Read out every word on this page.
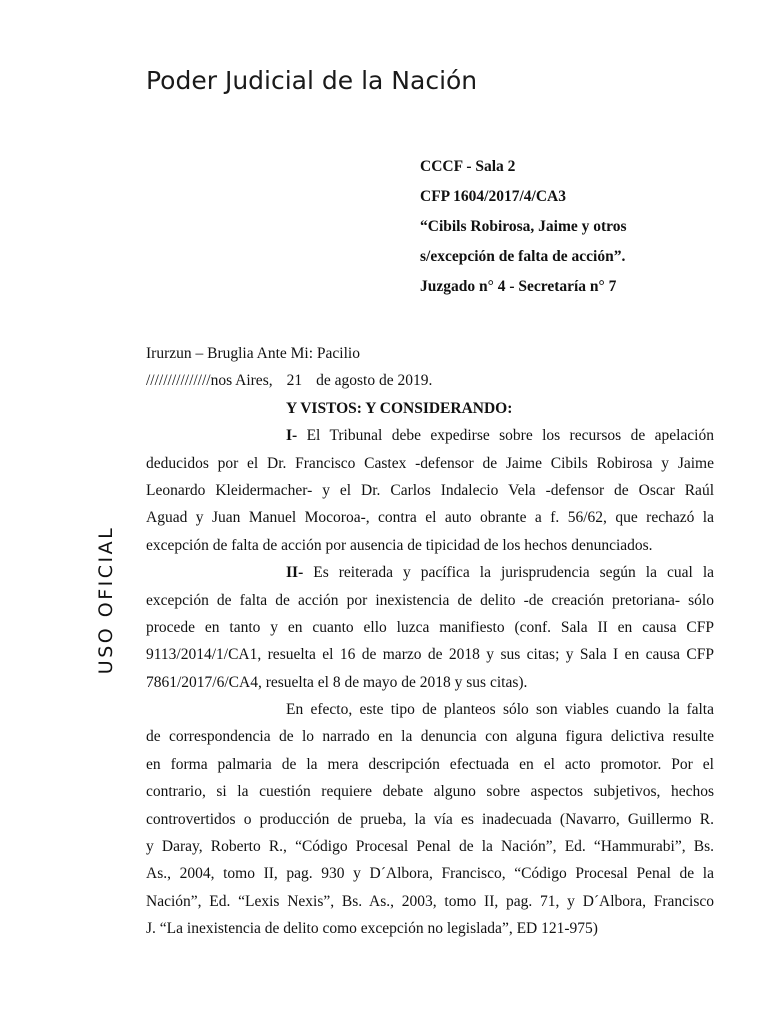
Poder Judicial de la Nación
CCCF - Sala 2
CFP 1604/2017/4/CA3
“Cibils Robirosa, Jaime y otros
s/excepción de falta de acción”.
Juzgado n° 4 - Secretaría n° 7
USO OFICIAL
Irurzun – Bruglia Ante Mi: Pacilio
///////////////nos Aires, 21 de agosto de 2019.
Y VISTOS: Y CONSIDERANDO:
I- El Tribunal debe expedirse sobre los recursos de apelación
deducidos por el Dr. Francisco Castex -defensor de Jaime Cibils Robirosa y Jaime
Leonardo Kleidermacher- y el Dr. Carlos Indalecio Vela -defensor de Oscar Raúl
Aguad y Juan Manuel Mocoroa-, contra el auto obrante a f. 56/62, que rechazó la
excepción de falta de acción por ausencia de tipicidad de los hechos denunciados.
II- Es reiterada y pacífica la jurisprudencia según la cual la
excepción de falta de acción por inexistencia de delito -de creación pretoriana- sólo
procede en tanto y en cuanto ello luzca manifiesto (conf. Sala II en causa CFP
9113/2014/1/CA1, resuelta el 16 de marzo de 2018 y sus citas; y Sala I en causa CFP
7861/2017/6/CA4, resuelta el 8 de mayo de 2018 y sus citas).
En efecto, este tipo de planteos sólo son viables cuando la falta
de correspondencia de lo narrado en la denuncia con alguna figura delictiva resulte
en forma palmaria de la mera descripción efectuada en el acto promotor. Por el
contrario, si la cuestión requiere debate alguno sobre aspectos subjetivos, hechos
controvertidos o producción de prueba, la vía es inadecuada (Navarro, Guillermo R.
y Daray, Roberto R., “Código Procesal Penal de la Nación”, Ed. “Hammurabi”, Bs.
As., 2004, tomo II, pag. 930 y D´Albora, Francisco, “Código Procesal Penal de la
Nación”, Ed. “Lexis Nexis”, Bs. As., 2003, tomo II, pag. 71, y D´Albora, Francisco
J. “La inexistencia de delito como excepción no legislada”, ED 121-975)
